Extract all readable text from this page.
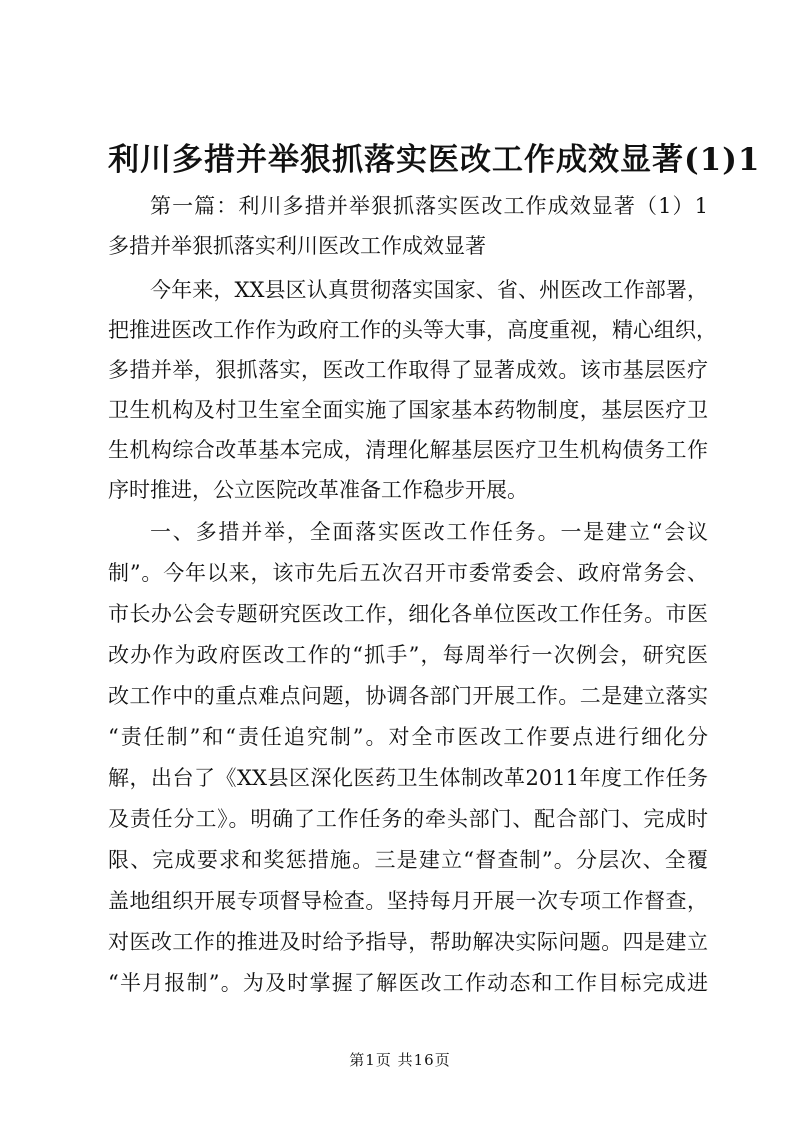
利川多措并举狠抓落实医改工作成效显著(1)1
第一篇：利川多措并举狠抓落实医改工作成效显著（1）1
多措并举狠抓落实利川医改工作成效显著
今年来，XX县区认真贯彻落实国家、省、州医改工作部署，
把推进医改工作作为政府工作的头等大事，高度重视，精心组织，
多措并举，狠抓落实，医改工作取得了显著成效。该市基层医疗
卫生机构及村卫生室全面实施了国家基本药物制度，基层医疗卫
生机构综合改革基本完成，清理化解基层医疗卫生机构债务工作
序时推进，公立医院改革准备工作稳步开展。
一、多措并举，全面落实医改工作任务。一是建立“会议
制”。今年以来，该市先后五次召开市委常委会、政府常务会、
市长办公会专题研究医改工作，细化各单位医改工作任务。市医
改办作为政府医改工作的“抓手”，每周举行一次例会，研究医
改工作中的重点难点问题，协调各部门开展工作。二是建立落实
“责任制”和“责任追究制”。对全市医改工作要点进行细化分
解，出台了《XX县区深化医药卫生体制改革2011年度工作任务
及责任分工》。明确了工作任务的牵头部门、配合部门、完成时
限、完成要求和奖惩措施。三是建立“督查制”。分层次、全覆
盖地组织开展专项督导检查。坚持每月开展一次专项工作督查，
对医改工作的推进及时给予指导，帮助解决实际问题。四是建立
“半月报制”。为及时掌握了解医改工作动态和工作目标完成进
第1页 共16页
